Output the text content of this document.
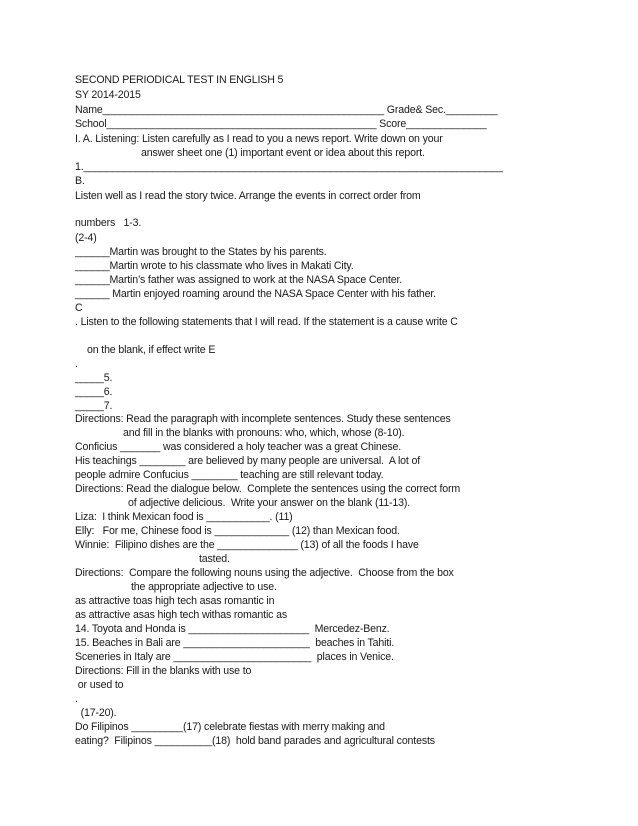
SECOND PERIODICAL TEST IN ENGLISH 5
SY 2014-2015
Name_________________________________________________ Grade& Sec._________
School_______________________________________________ Score______________
I. A. Listening: Listen carefully as I read to you a news report. Write down on your
answer sheet one (1) important event or idea about this report.
1._________________________________________________________________________
B.
Listen well as I read the story twice. Arrange the events in correct order from
numbers   1-3.
(2-4)
______Martin was brought to the States by his parents.
______Martin wrote to his classmate who lives in Makati City.
______Martin’s father was assigned to work at the NASA Space Center.
______ Martin enjoyed roaming around the NASA Space Center with his father.
C
. Listen to the following statements that I will read. If the statement is a cause write C
on the blank, if effect write E
.
_____5.
_____6.
_____7.
Directions: Read the paragraph with incomplete sentences. Study these sentences
and fill in the blanks with pronouns: who, which, whose (8-10).
Conficius _______ was considered a holy teacher was a great Chinese.
His teachings ________ are believed by many people are universal.  A lot of
people admire Confucius ________ teaching are still relevant today.
Directions: Read the dialogue below.  Complete the sentences using the correct form
of adjective delicious.  Write your answer on the blank (11-13).
Liza:  I think Mexican food is ___________. (11)
Elly:   For me, Chinese food is _____________ (12) than Mexican food.
Winnie:  Filipino dishes are the ______________ (13) of all the foods I have
tasted.
Directions:  Compare the following nouns using the adjective.  Choose from the box
the appropriate adjective to use.
as attractive toas high tech asas romantic in
as attractive asas high tech withas romantic as
14. Toyota and Honda is _____________________  Mercedez-Benz.
15. Beaches in Bali are ______________________  beaches in Tahiti.
Sceneries in Italy are ________________________  places in Venice.
Directions: Fill in the blanks with use to
or used to
.
(17-20).
Do Filipinos _________(17) celebrate fiestas with merry making and
eating?  Filipinos __________(18)  hold band parades and agricultural contests
